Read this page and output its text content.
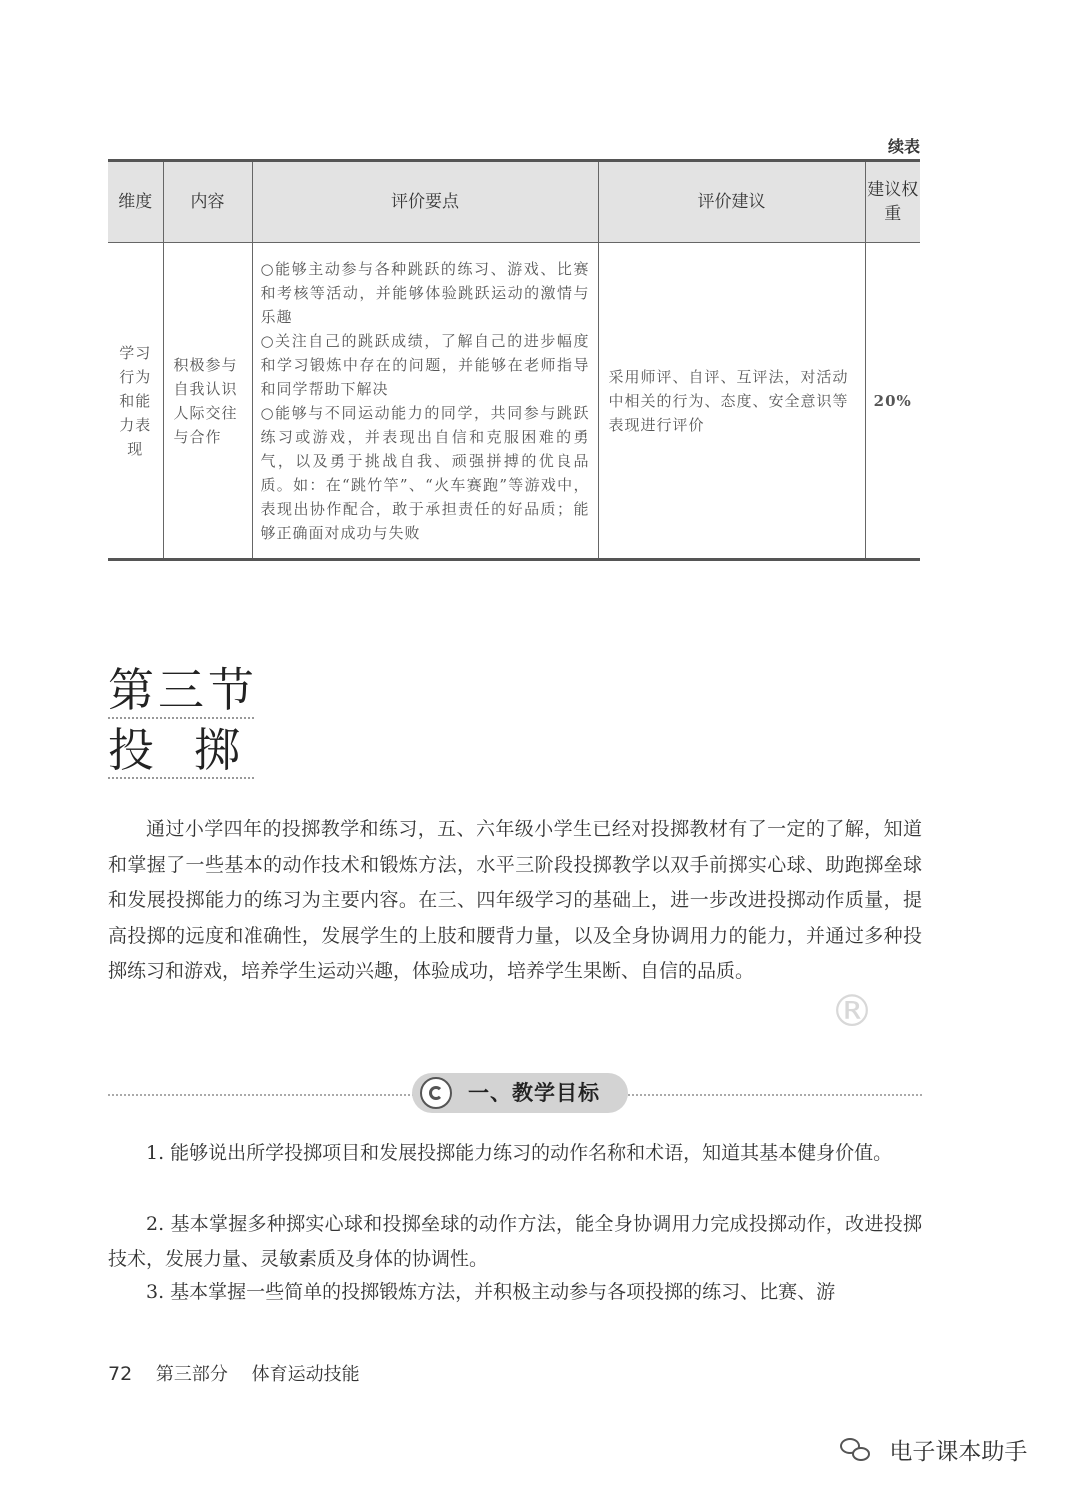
续表
维度	内容	评价要点	评价建议	建议权重
学习行为和能力表现	积极参与自我认识人际交往与合作	○能够主动参与各种跳跃的练习、游戏、比赛和考核等活动，并能够体验跳跃运动的激情与乐趣
○关注自己的跳跃成绩，了解自己的进步幅度和学习锻炼中存在的问题，并能够在老师指导和同学帮助下解决
○能够与不同运动能力的同学，共同参与跳跃练习或游戏，并表现出自信和克服困难的勇气，以及勇于挑战自我、顽强拼搏的优良品质。如：在“跳竹竿”、“火车赛跑”等游戏中，表现出协作配合，敢于承担责任的好品质；能够正确面对成功与失败	采用师评、自评、互评法，对活动中相关的行为、态度、安全意识等表现进行评价	20%
第三节
投掷

通过小学四年的投掷教学和练习，五、六年级小学生已经对投掷教材有了一定的了解，知道和掌握了一些基本的动作技术和锻炼方法，水平三阶段投掷教学以双手前掷实心球、助跑掷垒球和发展投掷能力的练习为主要内容。在三、四年级学习的基础上，进一步改进投掷动作质量，提高投掷的远度和准确性，发展学生的上肢和腰背力量，以及全身协调用力的能力，并通过多种投掷练习和游戏，培养学生运动兴趣，体验成功，培养学生果断、自信的品质。

®
一、教学目标

1. 能够说出所学投掷项目和发展投掷能力练习的动作名称和术语，知道其基本健身价值。

2. 基本掌握多种掷实心球和投掷垒球的动作方法，能全身协调用力完成投掷动作，改进投掷技术，发展力量、灵敏素质及身体的协调性。

3. 基本掌握一些简单的投掷锻炼方法，并积极主动参与各项投掷的练习、比赛、游

72 第三部分 体育运动技能
电子课本助手
